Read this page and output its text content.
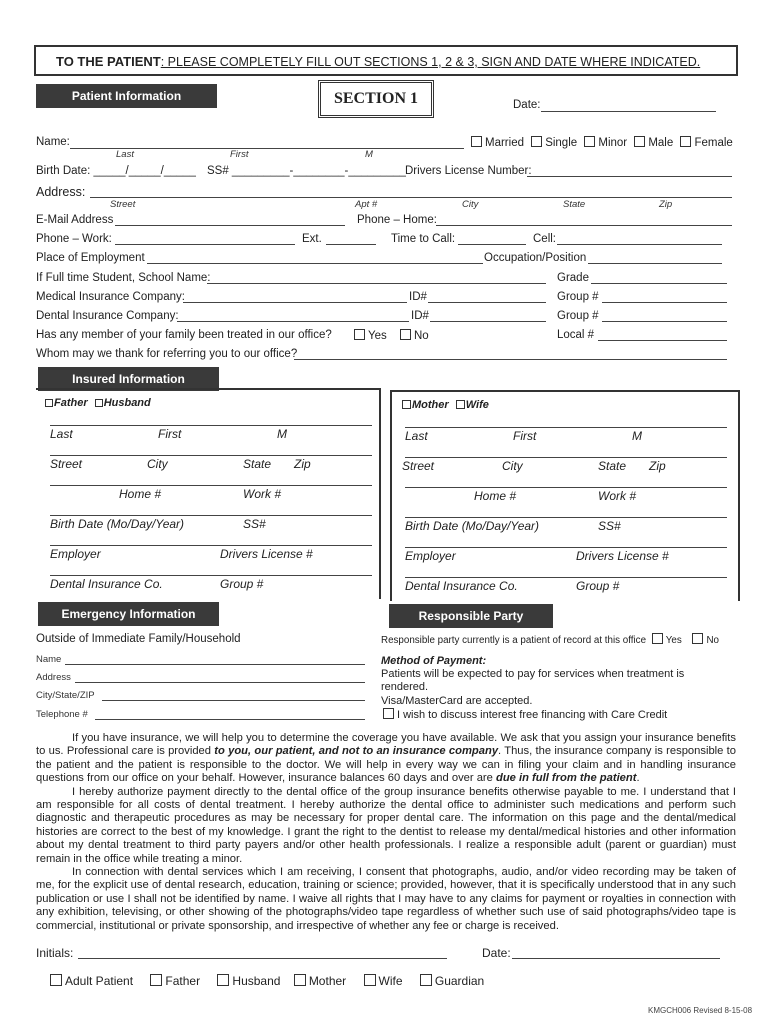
TO THE PATIENT: PLEASE COMPLETELY FILL OUT SECTIONS 1, 2 & 3, SIGN AND DATE WHERE INDICATED.
Patient Information	SECTION 1	Date:
Name:
Last	First	M
Married Single Minor Male Female
Birth Date: _____/_____/_____ SS# _________-________-_________ Drivers License Number:
Address:
Street	Apt #	City	State	Zip
E-Mail Address	Phone – Home:
Phone – Work:	Ext.	Time to Call:	Cell:
Place of Employment	Occupation/Position
If Full time Student, School Name:	Grade
Medical Insurance Company:	ID#	Group #
Dental Insurance Company:	ID#	Group #
Has any member of your family been treated in our office?	Yes No	Local #
Whom may we thank for referring you to our office?
Insured Information
Father Husband	Mother Wife
Last	First	M
Street	City	State Zip
Home #	Work #
Birth Date (Mo/Day/Year)	SS#
Employer	Drivers License #
Dental Insurance Co.	Group #
Last	First	M
Street	City	State Zip
Home #	Work #
Birth Date (Mo/Day/Year)	SS#
Employer	Drivers License #
Dental Insurance Co.	Group #
Emergency Information	Responsible Party
Outside of Immediate Family/Household
Name
Address
City/State/ZIP
Telephone #
Responsible party currently is a patient of record at this office Yes	No
Method of Payment:
Patients will be expected to pay for services when treatment is
rendered.
Visa/MasterCard are accepted.
I wish to discuss interest free financing with Care Credit

If you have insurance, we will help you to determine the coverage you have available. We ask that you assign your insurance benefits to us. Professional care is provided to you, our patient, and not to an insurance company. Thus, the insurance company is responsible to the patient and the patient is responsible to the doctor. We will help in every way we can in filing your claim and in handling insurance questions from our office on your behalf. However, insurance balances 60 days and over are due in full from the patient.

I hereby authorize payment directly to the dental office of the group insurance benefits otherwise payable to me. I understand that I am responsible for all costs of dental treatment. I hereby authorize the dental office to administer such medications and perform such diagnostic and therapeutic procedures as may be necessary for proper dental care. The information on this page and the dental/medical histories are correct to the best of my knowledge. I grant the right to the dentist to release my dental/medical histories and other information about my dental treatment to third party payers and/or other health professionals. I realize a responsible adult (parent or guardian) must remain in the office while treating a minor.

In connection with dental services which I am receiving, I consent that photographs, audio, and/or video recording may be taken of me, for the explicit use of dental research, education, training or science; provided, however, that it is specifically understood that in any such publication or use I shall not be identified by name. I waive all rights that I may have to any claims for payment or royalties in connection with any exhibition, televising, or other showing of the photographs/video tape regardless of whether such use of said photographs/video tape is commercial, institutional or private sponsorship, and irrespective of whether any fee or charge is received.

Initials:	Date:
Adult Patient	Father	Husband Mother	Wife	Guardian
KMGCH006 Revised 8-15-08
